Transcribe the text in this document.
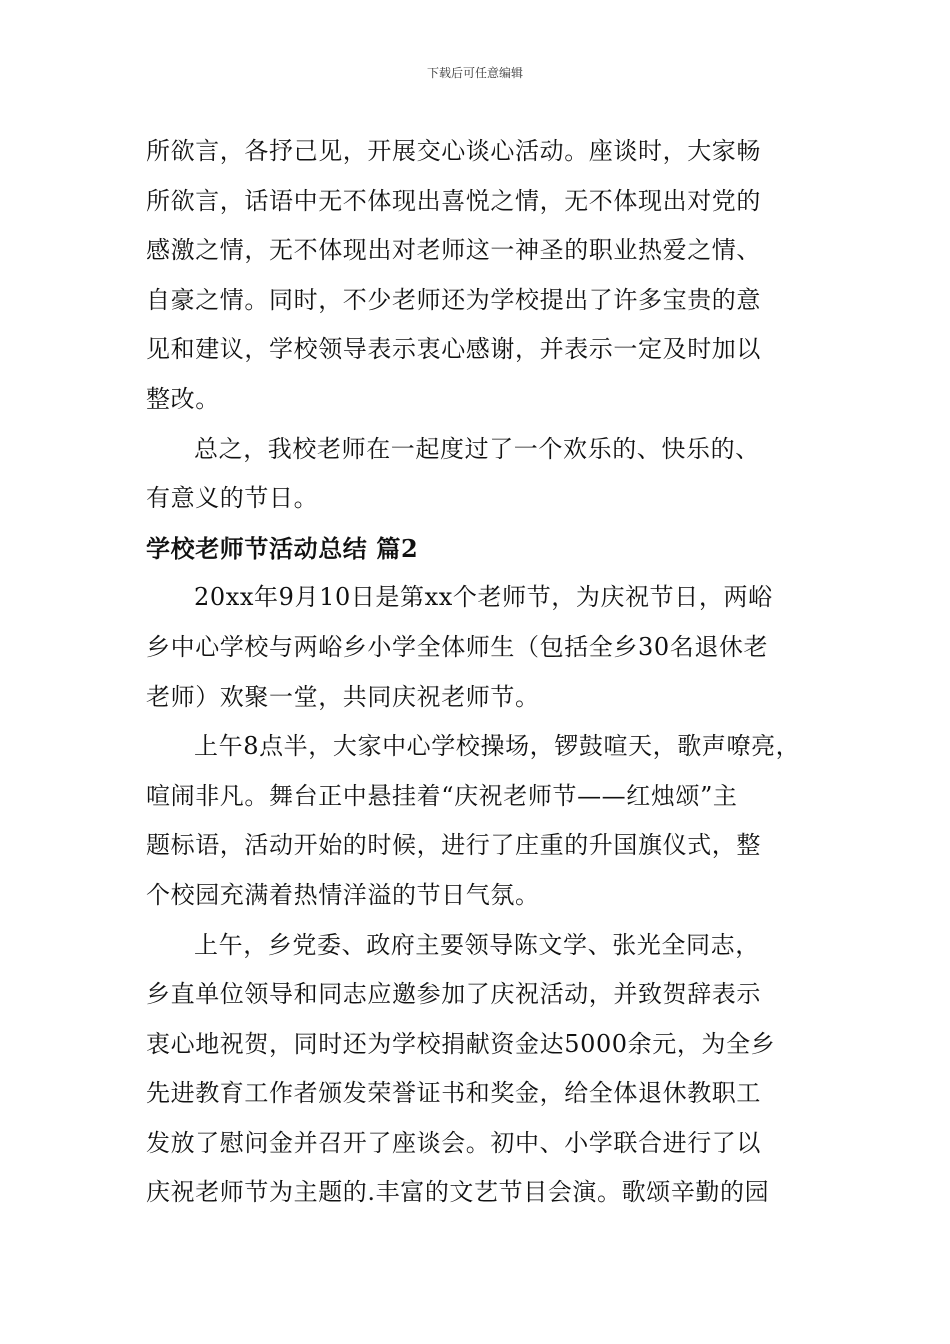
下载后可任意编辑

所欲言，各抒己见，开展交心谈心活动。座谈时，大家畅

所欲言，话语中无不体现出喜悦之情，无不体现出对党的

感激之情，无不体现出对老师这一神圣的职业热爱之情、

自豪之情。同时，不少老师还为学校提出了许多宝贵的意

见和建议，学校领导表示衷心感谢，并表示一定及时加以

整改。

总之，我校老师在一起度过了一个欢乐的、快乐的、

有意义的节日。

学校老师节活动总结 篇2

20xx年9月10日是第xx个老师节，为庆祝节日，两峪

乡中心学校与两峪乡小学全体师生（包括全乡30名退休老

老师）欢聚一堂，共同庆祝老师节。

上午8点半，大家中心学校操场，锣鼓喧天，歌声嘹亮，

喧闹非凡。舞台正中悬挂着“庆祝老师节——红烛颂”主

题标语，活动开始的时候，进行了庄重的升国旗仪式，整

个校园充满着热情洋溢的节日气氛。

上午，乡党委、政府主要领导陈文学、张光全同志，

乡直单位领导和同志应邀参加了庆祝活动，并致贺辞表示

衷心地祝贺，同时还为学校捐献资金达5000余元，为全乡

先进教育工作者颁发荣誉证书和奖金，给全体退休教职工

发放了慰问金并召开了座谈会。初中、小学联合进行了以

庆祝老师节为主题的.丰富的文艺节目会演。歌颂辛勤的园
